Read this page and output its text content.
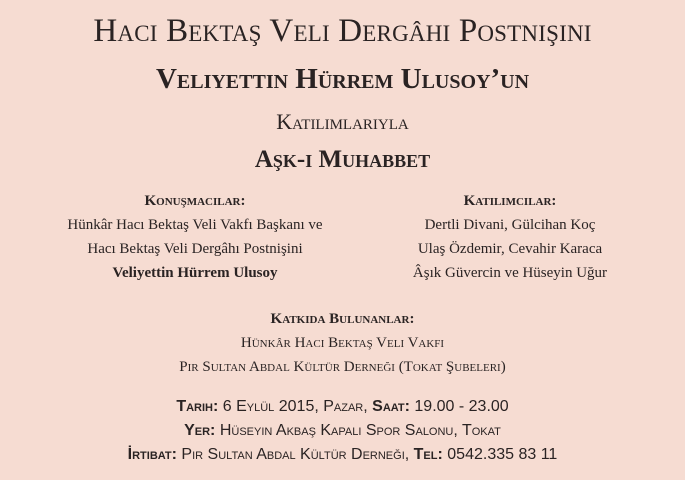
Hacı Bektaş Veli Dergâhı Postnişini
Veliyettin Hürrem Ulusoy’un
Katılımlarıyla
Aşk-ı Muhabbet
Konuşmacılar:
Hünkâr Hacı Bektaş Veli Vakfı Başkanı ve
Hacı Bektaş Veli Dergâhı Postnişini
Veliyettin Hürrem Ulusoy
Katılımcılar:
Dertli Divani, Gülcihan Koç
Ulaş Özdemir, Cevahir Karaca
Âşık Güvercin ve Hüseyin Uğur
Katkıda Bulunanlar:
Hünkâr Hacı Bektaş Veli Vakfı
Pir Sultan Abdal Kültür Derneği (Tokat Şubeleri)
Tarih: 6 Eylül 2015, Pazar, Saat: 19.00 - 23.00
Yer: Hüseyin Akbaş Kapalı Spor Salonu, Tokat
İrtibat: Pir Sultan Abdal Kültür Derneği, Tel: 0542.335 83 11
